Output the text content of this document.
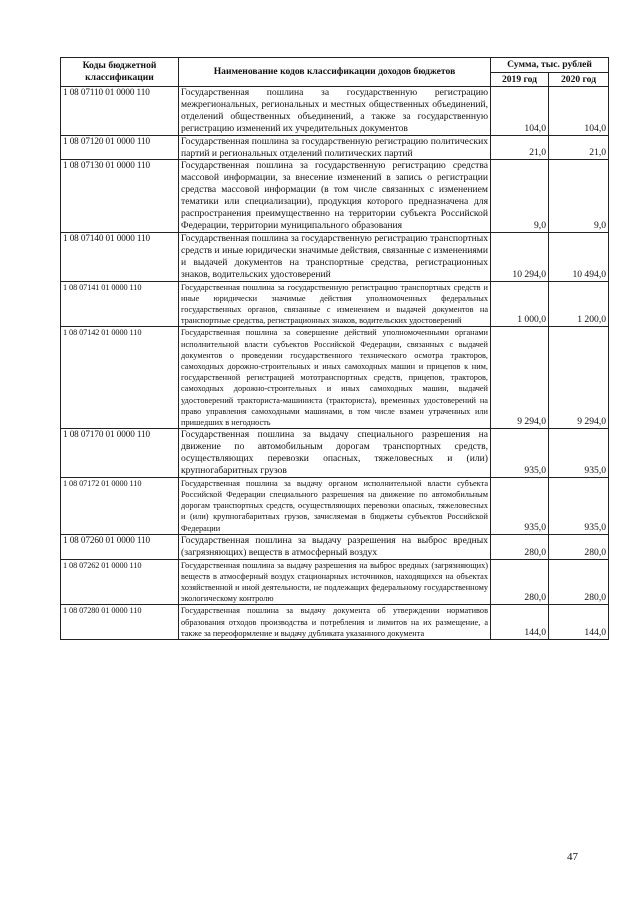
Коды бюджетной классификации	Наименование кодов классификации доходов бюджетов	Сумма, тыс. рублей	
		2019 год	2020 год
1 08 07110 01 0000 110	Государственная пошлина за государственную регистрацию межрегиональных, региональных и местных общественных объединений, отделений общественных объединений, а также за государственную регистрацию изменений их учредительных документов	104,0	104,0
1 08 07120 01 0000 110	Государственная пошлина за государственную регистрацию политических партий и региональных отделений политических партий	21,0	21,0
1 08 07130 01 0000 110	Государственная пошлина за государственную регистрацию средства массовой информации, за внесение изменений в запись о регистрации средства массовой информации (в том числе связанных с изменением тематики или специализации), продукция которого предназначена для распространения преимущественно на территории субъекта Российской Федерации, территории муниципального образования	9,0	9,0
1 08 07140 01 0000 110	Государственная пошлина за государственную регистрацию транспортных средств и иные юридически значимые действия, связанные с изменениями и выдачей документов на транспортные средства, регистрационных знаков, водительских удостоверений	10 294,0	10 494,0
1 08 07141 01 0000 110	Государственная пошлина за государственную регистрацию транспортных средств и иные юридически значимые действия уполномоченных федеральных государственных органов, связанные с изменением и выдачей документов на транспортные средства, регистрационных знаков, водительских удостоверений	1 000,0	1 200,0
1 08 07142 01 0000 110	Государственная пошлина за совершение действий уполномоченными органами исполнительной власти субъектов Российской Федерации, связанных с выдачей документов о проведении государственного технического осмотра тракторов, самоходных дорожно-строительных и иных самоходных машин и прицепов к ним, государственной регистрацией мототранспортных средств, прицепов, тракторов, самоходных дорожно-строительных и иных самоходных машин, выдачей удостоверений тракториста-машиниста (тракториста), временных удостоверений на право управления самоходными машинами, в том числе взамен утраченных или пришедших в негодность	9 294,0	9 294,0
1 08 07170 01 0000 110	Государственная пошлина за выдачу специального разрешения на движение по автомобильным дорогам транспортных средств, осуществляющих перевозки опасных, тяжеловесных и (или) крупногабаритных грузов	935,0	935,0
1 08 07172 01 0000 110	Государственная пошлина за выдачу органом исполнительной власти субъекта Российской Федерации специального разрешения на движение по автомобильным дорогам транспортных средств, осуществляющих перевозки опасных, тяжеловесных и (или) крупногабаритных грузов, зачисляемая в бюджеты субъектов Российской Федерации	935,0	935,0
1 08 07260 01 0000 110	Государственная пошлина за выдачу разрешения на выброс вредных (загрязняющих) веществ в атмосферный воздух	280,0	280,0
1 08 07262 01 0000 110	Государственная пошлина за выдачу разрешения на выброс вредных (загрязняющих) веществ в атмосферный воздух стационарных источников, находящихся на объектах хозяйственной и иной деятельности, не подлежащих федеральному государственному экологическому контролю	280,0	280,0
1 08 07280 01 0000 110	Государственная пошлина за выдачу документа об утверждении нормативов образования отходов производства и потребления и лимитов на их размещение, а также за переоформление и выдачу дубликата указанного документа	144,0	144,0
47
